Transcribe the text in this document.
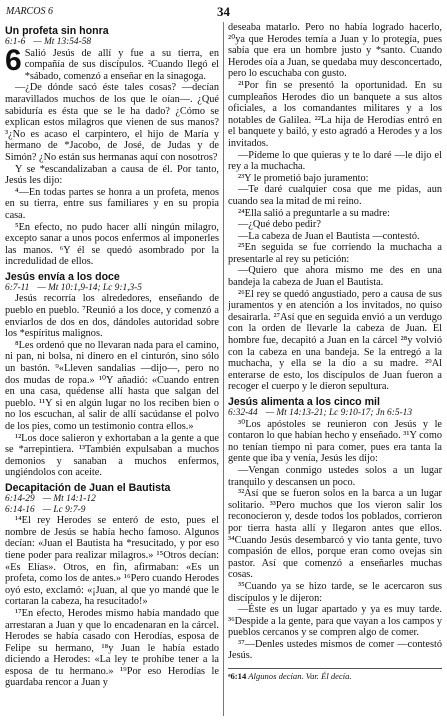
MARCOS 6	34
Un profeta sin honra
6:1-6 — Mt 13:54-58

6 Salió Jesús de allí y fue a su tierra, en compañía de sus discípulos. ²Cuando llegó el *sábado, comenzó a enseñar en la sinagoga.

—¿De dónde sacó éste tales cosas? —decían maravillados muchos de los que le oían—. ¿Qué sabiduría es ésta que se le ha dado? ¿Cómo se explican estos milagros que vienen de sus manos? ³¿No es acaso el carpintero, el hijo de María y hermano de *Jacobo, de José, de Judas y de Simón? ¿No están sus hermanas aquí con nosotros?

Y se *escandalizaban a causa de él. Por tanto, Jesús les dijo:

⁴—En todas partes se honra a un profeta, menos en su tierra, entre sus familiares y en su propia casa.

⁵En efecto, no pudo hacer allí ningún milagro, excepto sanar a unos pocos enfermos al imponerles las manos. ⁶Y él se quedó asombrado por la incredulidad de ellos.

Jesús envía a los doce
6:7-11 — Mt 10:1,9-14; Lc 9:1,3-5

Jesús recorría los alrededores, enseñando de pueblo en pueblo. ⁷Reunió a los doce, y comenzó a enviarlos de dos en dos, dándoles autoridad sobre los *espíritus malignos.

⁸Les ordenó que no llevaran nada para el camino, ni pan, ni bolsa, ni dinero en el cinturón, sino sólo un bastón. ⁹«Lleven sandalias —dijo—, pero no dos mudas de ropa.» ¹⁰Y añadió: «Cuando entren en una casa, quédense allí hasta que salgan del pueblo. ¹¹Y si en algún lugar no los reciben bien o no los escuchan, al salir de allí sacúdanse el polvo de los pies, como un testimonio contra ellos.»

¹²Los doce salieron y exhortaban a la gente a que se *arrepintiera. ¹³También expulsaban a muchos demonios y sanaban a muchos enfermos, ungiéndolos con aceite.

Decapitación de Juan el Bautista
6:14-29 — Mt 14:1-12
6:14-16 — Lc 9:7-9

¹⁴El rey Herodes se enteró de esto, pues el nombre de Jesús se había hecho famoso. Algunos decían: «Juan el Bautista ha *resucitado, y por eso tiene poder para realizar milagros.» ¹⁵Otros decían: «Es Elías». Otros, en fin, afirmaban: «Es un profeta, como los de antes.» ¹⁶Pero cuando Herodes oyó esto, exclamó: «¡Juan, al que yo mandé que le cortaran la cabeza, ha resucitado!»

¹⁷En efecto, Herodes mismo había mandado que arrestaran a Juan y que lo encadenaran en la cárcel. Herodes se había casado con Herodías, esposa de Felipe su hermano, ¹⁸y Juan le había estado diciendo a Herodes: «La ley te prohíbe tener a la esposa de tu hermano.» ¹⁹Por eso Herodías le guardaba rencor a Juan y

deseaba matarlo. Pero no había logrado hacerlo, ²⁰ya que Herodes temía a Juan y lo protegía, pues sabía que era un hombre justo y *santo. Cuando Herodes oía a Juan, se quedaba muy desconcertado, pero lo escuchaba con gusto.

²¹Por fin se presentó la oportunidad. En su cumpleaños Herodes dio un banquete a sus altos oficiales, a los comandantes militares y a los notables de Galilea. ²²La hija de Herodías entró en el banquete y bailó, y esto agradó a Herodes y a los invitados.

—Pídeme lo que quieras y te lo daré —le dijo el rey a la muchacha.

²³Y le prometió bajo juramento:

—Te daré cualquier cosa que me pidas, aun cuando sea la mitad de mi reino.

²⁴Ella salió a preguntarle a su madre:

—¿Qué debo pedir?

—La cabeza de Juan el Bautista —contestó.

²⁵En seguida se fue corriendo la muchacha a presentarle al rey su petición:

—Quiero que ahora mismo me des en una bandeja la cabeza de Juan el Bautista.

²⁶El rey se quedó angustiado, pero a causa de sus juramentos y en atención a los invitados, no quiso desairarla. ²⁷Así que en seguida envió a un verdugo con la orden de llevarle la cabeza de Juan. El hombre fue, decapitó a Juan en la cárcel ²⁸y volvió con la cabeza en una bandeja. Se la entregó a la muchacha, y ella se la dio a su madre. ²⁹Al enterarse de esto, los discípulos de Juan fueron a recoger el cuerpo y le dieron sepultura.

Jesús alimenta a los cinco mil
6:32-44 — Mt 14:13-21; Lc 9:10-17; Jn 6:5-13

³⁰Los apóstoles se reunieron con Jesús y le contaron lo que habían hecho y enseñado. ³¹Y como no tenían tiempo ni para comer, pues era tanta la gente que iba y venía, Jesús les dijo:

—Vengan conmigo ustedes solos a un lugar tranquilo y descansen un poco.

³²Así que se fueron solos en la barca a un lugar solitario. ³³Pero muchos que los vieron salir los reconocieron y, desde todos los poblados, corrieron por tierra hasta allí y llegaron antes que ellos. ³⁴Cuando Jesús desembarcó y vio tanta gente, tuvo compasión de ellos, porque eran como ovejas sin pastor. Así que comenzó a enseñarles muchas cosas.

³⁵Cuando ya se hizo tarde, se le acercaron sus discípulos y le dijeron:

—Éste es un lugar apartado y ya es muy tarde. ³⁶Despide a la gente, para que vayan a los campos y pueblos cercanos y se compren algo de comer.

³⁷—Denles ustedes mismos de comer —contestó Jesús.

ᵃ6:14 Algunos decían. Var. Él decía.
